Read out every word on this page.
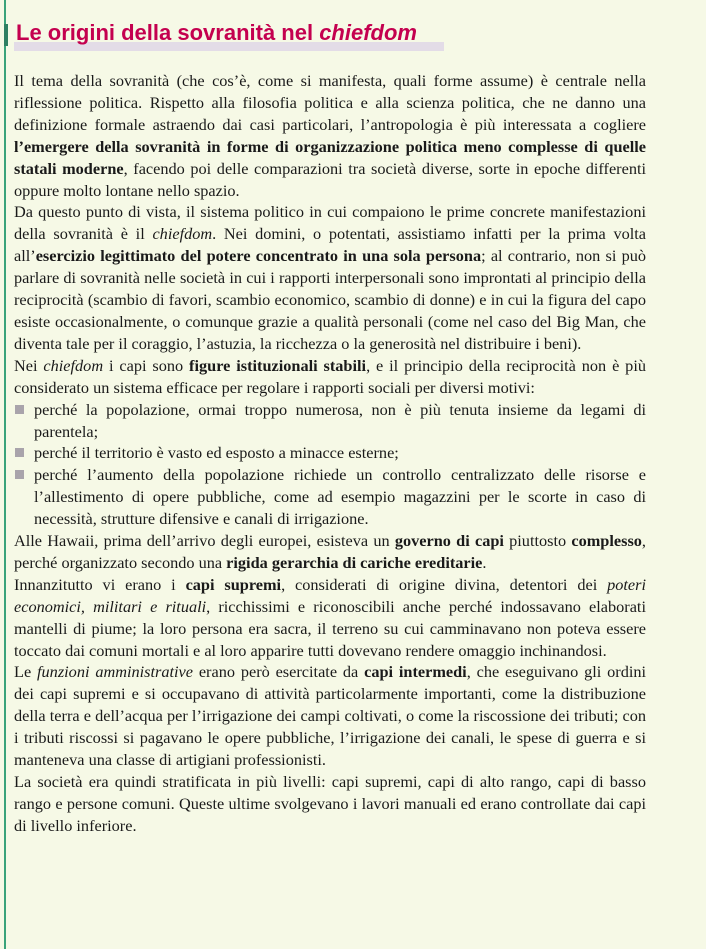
Le origini della sovranità nel chiefdom

Il tema della sovranità (che cos’è, come si manifesta, quali forme assume) è centrale nella riflessione politica. Rispetto alla filosofia politica e alla scienza politica, che ne danno una definizione formale astraendo dai casi particolari, l’antropologia è più interessata a cogliere l’emergere della sovranità in forme di organizzazione politica meno complesse di quelle statali moderne, facendo poi delle comparazioni tra società diverse, sorte in epoche differenti oppure molto lontane nello spazio.

Da questo punto di vista, il sistema politico in cui compaiono le prime concrete manifestazioni della sovranità è il chiefdom. Nei domini, o potentati, assistiamo infatti per la prima volta all’esercizio legittimato del potere concentrato in una sola persona; al contrario, non si può parlare di sovranità nelle società in cui i rapporti interpersonali sono improntati al principio della reciprocità (scambio di favori, scambio economico, scambio di donne) e in cui la figura del capo esiste occasionalmente, o comunque grazie a qualità personali (come nel caso del Big Man, che diventa tale per il coraggio, l’astuzia, la ricchezza o la generosità nel distribuire i beni).

Nei chiefdom i capi sono figure istituzionali stabili, e il principio della reciprocità non è più considerato un sistema efficace per regolare i rapporti sociali per diversi motivi:

perché la popolazione, ormai troppo numerosa, non è più tenuta insieme da legami di parentela;
perché il territorio è vasto ed esposto a minacce esterne;
perché l’aumento della popolazione richiede un controllo centralizzato delle risorse e l’allestimento di opere pubbliche, come ad esempio magazzini per le scorte in caso di necessità, strutture difensive e canali di irrigazione.

Alle Hawaii, prima dell’arrivo degli europei, esisteva un governo di capi piuttosto complesso, perché organizzato secondo una rigida gerarchia di cariche ereditarie.

Innanzitutto vi erano i capi supremi, considerati di origine divina, detentori dei poteri economici, militari e rituali, ricchissimi e riconoscibili anche perché indossavano elaborati mantelli di piume; la loro persona era sacra, il terreno su cui camminavano non poteva essere toccato dai comuni mortali e al loro apparire tutti dovevano rendere omaggio inchinandosi.

Le funzioni amministrative erano però esercitate da capi intermedi, che eseguivano gli ordini dei capi supremi e si occupavano di attività particolarmente importanti, come la distribuzione della terra e dell’acqua per l’irrigazione dei campi coltivati, o come la riscossione dei tributi; con i tributi riscossi si pagavano le opere pubbliche, l’irrigazione dei canali, le spese di guerra e si manteneva una classe di artigiani professionisti.

La società era quindi stratificata in più livelli: capi supremi, capi di alto rango, capi di basso rango e persone comuni. Queste ultime svolgevano i lavori manuali ed erano controllate dai capi di livello inferiore.
